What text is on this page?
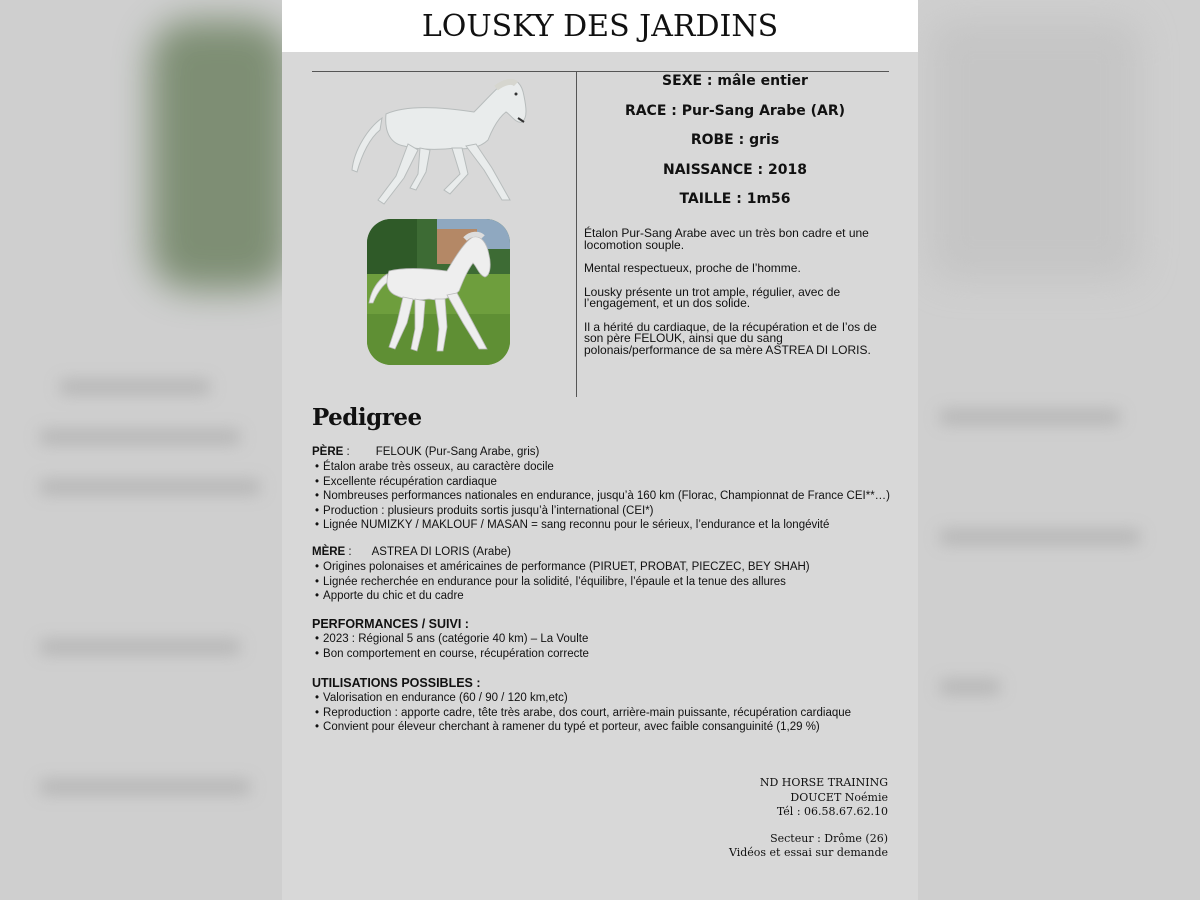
LOUSKY DES JARDINS
SEXE : mâle entier
RACE : Pur-Sang Arabe (AR)
ROBE : gris
NAISSANCE : 2018
TAILLE : 1m56

Étalon Pur-Sang Arabe avec un très bon cadre et une locomotion souple.

Mental respectueux, proche de l’homme.

Lousky présente un trot ample, régulier, avec de l’engagement, et un dos solide.

Il a hérité du cardiaque, de la récupération et de l’os de son père FELOUK, ainsi que du sang polonais/performance de sa mère ASTREA DI LORIS.

Pedigree
PÈRE : FELOUK (Pur-Sang Arabe, gris)
• Étalon arabe très osseux, au caractère docile
• Excellente récupération cardiaque
• Nombreuses performances nationales en endurance, jusqu’à 160 km (Florac, Championnat de France CEI**…)
• Production : plusieurs produits sortis jusqu’à l’international (CEI*)
• Lignée NUMIZKY / MAKLOUF / MASAN = sang reconnu pour le sérieux, l’endurance et la longévité
MÈRE : ASTREA DI LORIS (Arabe)
• Origines polonaises et américaines de performance (PIRUET, PROBAT, PIECZEC, BEY SHAH)
• Lignée recherchée en endurance pour la solidité, l’équilibre, l’épaule et la tenue des allures
• Apporte du chic et du cadre
PERFORMANCES / SUIVI :
• 2023 : Régional 5 ans (catégorie 40 km) – La Voulte
• Bon comportement en course, récupération correcte
UTILISATIONS POSSIBLES :
• Valorisation en endurance (60 / 90 / 120 km,etc)
• Reproduction : apporte cadre, tête très arabe, dos court, arrière-main puissante, récupération cardiaque
• Convient pour éleveur cherchant à ramener du typé et porteur, avec faible consanguinité (1,29 %)
ND HORSE TRAINING
DOUCET Noémie
Tél : 06.58.67.62.10
Secteur : Drôme (26)
Vidéos et essai sur demande
